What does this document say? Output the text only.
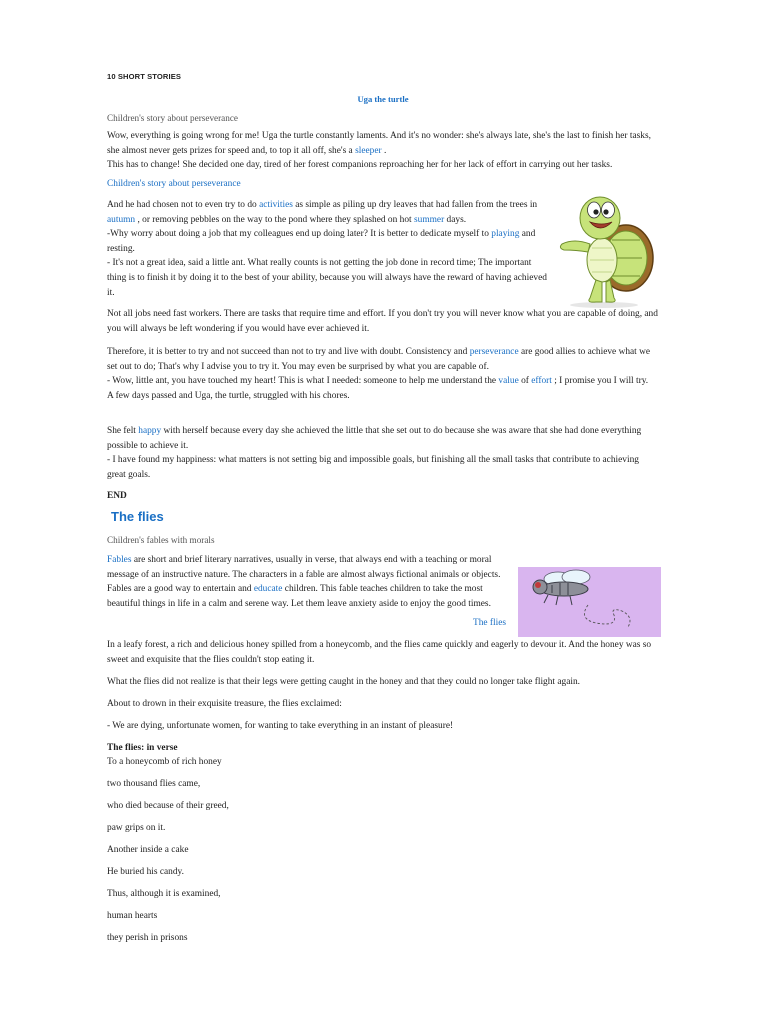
10 SHORT STORIES
Uga the turtle
Children's story about perseverance
Wow, everything is going wrong for me! Uga the turtle constantly laments. And it's no wonder: she's always late, she's the last to finish her tasks, she almost never gets prizes for speed and, to top it all off, she's a sleeper .
This has to change! She decided one day, tired of her forest companions reproaching her for her lack of effort in carrying out her tasks.
Children's story about perseverance
And he had chosen not to even try to do activities as simple as piling up dry leaves that had fallen from the trees in autumn , or removing pebbles on the way to the pond where they splashed on hot summer days.
-Why worry about doing a job that my colleagues end up doing later? It is better to dedicate myself to playing and resting.
- It's not a great idea, said a little ant. What really counts is not getting the job done in record time; The important thing is to finish it by doing it to the best of your ability, because you will always have the reward of having achieved it.
Not all jobs need fast workers. There are tasks that require time and effort. If you don't try you will never know what you are capable of doing, and you will always be left wondering if you would have ever achieved it.
Therefore, it is better to try and not succeed than not to try and live with doubt. Consistency and perseverance are good allies to achieve what we set out to do; That's why I advise you to try it. You may even be surprised by what you are capable of.
- Wow, little ant, you have touched my heart! This is what I needed: someone to help me understand the value of effort ; I promise you I will try.
A few days passed and Uga, the turtle, struggled with his chores.
She felt happy with herself because every day she achieved the little that she set out to do because she was aware that she had done everything possible to achieve it.
- I have found my happiness: what matters is not setting big and impossible goals, but finishing all the small tasks that contribute to achieving great goals.
END
The flies
Children's fables with morals
Fables are short and brief literary narratives, usually in verse, that always end with a teaching or moral message of an instructive nature. The characters in a fable are almost always fictional animals or objects. Fables are a good way to entertain and educate children. This fable teaches children to take the most beautiful things in life in a calm and serene way. Let them leave anxiety aside to enjoy the good times.
The flies
In a leafy forest, a rich and delicious honey spilled from a honeycomb, and the flies came quickly and eagerly to devour it. And the honey was so sweet and exquisite that the flies couldn't stop eating it.
What the flies did not realize is that their legs were getting caught in the honey and that they could no longer take flight again.
About to drown in their exquisite treasure, the flies exclaimed:
- We are dying, unfortunate women, for wanting to take everything in an instant of pleasure!
The flies: in verse
To a honeycomb of rich honey
two thousand flies came,
who died because of their greed,
paw grips on it.
Another inside a cake
He buried his candy.
Thus, although it is examined,
human hearts
they perish in prisons
